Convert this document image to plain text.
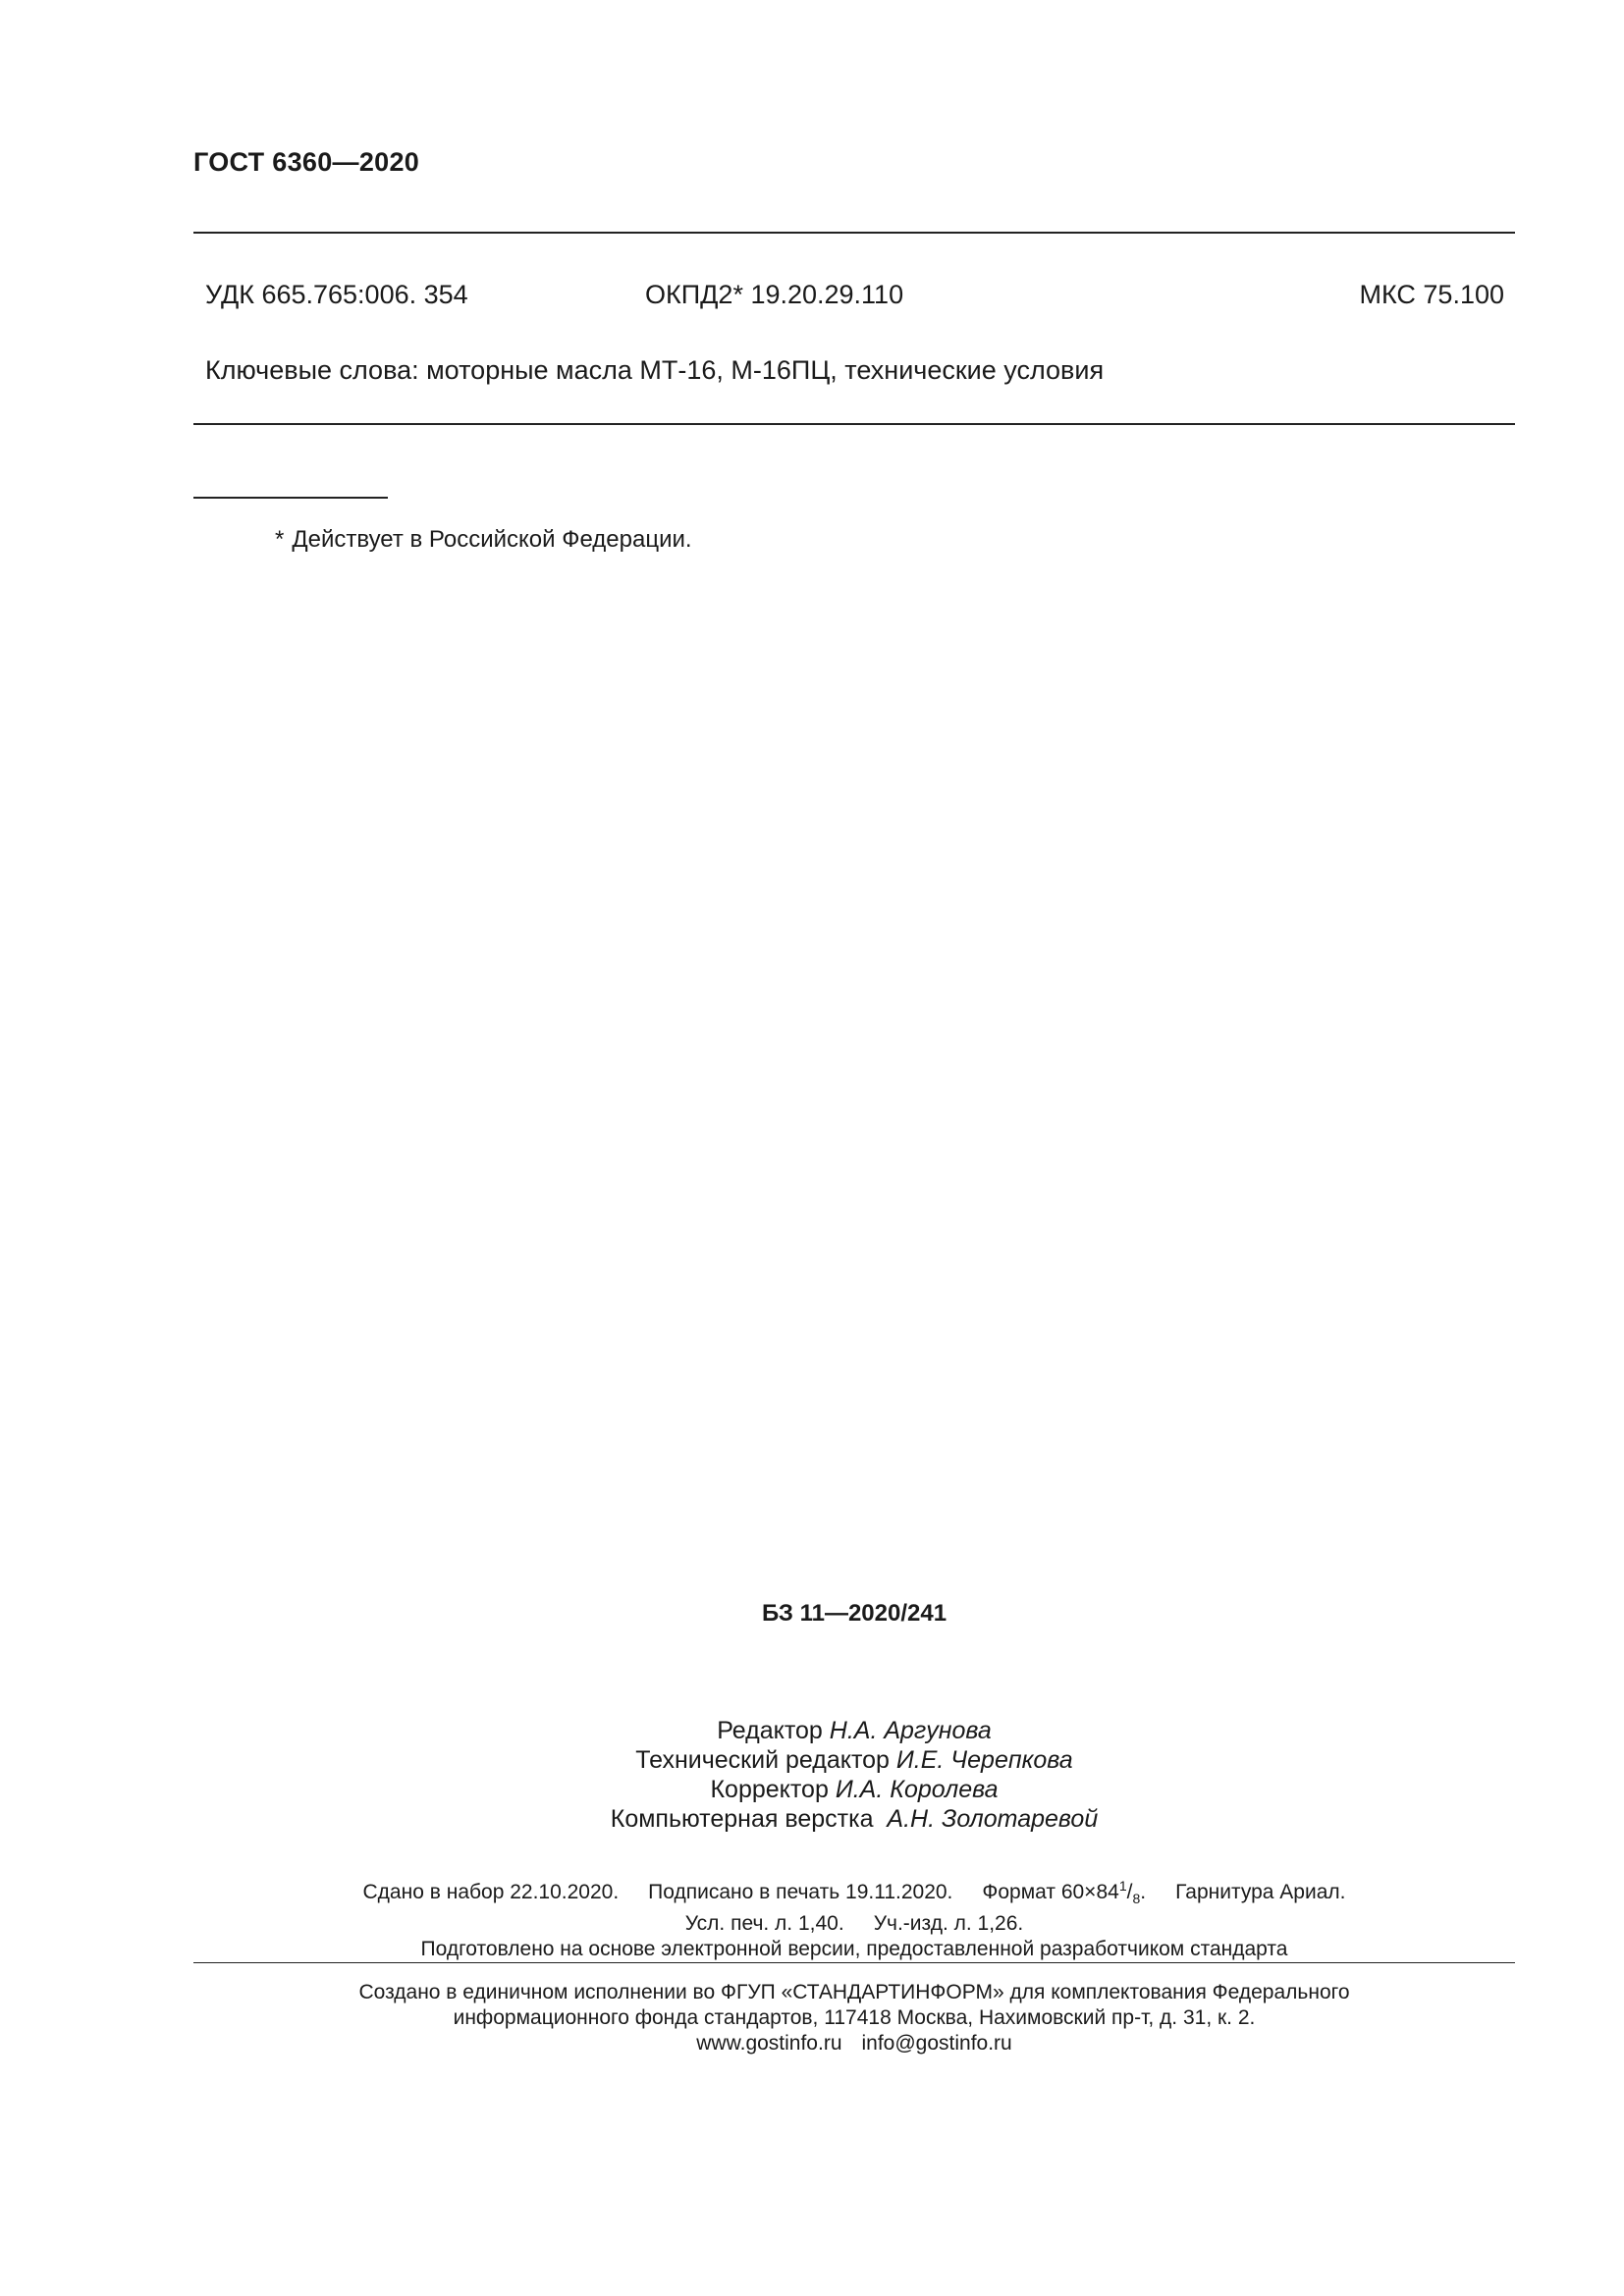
ГОСТ 6360—2020
УДК 665.765:006. 354	ОКПД2* 19.20.29.110	МКС 75.100
Ключевые слова: моторные масла МТ-16, М-16ПЦ, технические условия
* Действует в Российской Федерации.
БЗ 11—2020/241
Редактор Н.А. Аргунова
Технический редактор И.Е. Черепкова
Корректор И.А. Королева
Компьютерная верстка А.Н. Золотаревой
Сдано в набор 22.10.2020. Подписано в печать 19.11.2020. Формат $60\times 84^1/_8$. Гарнитура Ариал.
Усл. печ. л. 1,40. Уч.-изд. л. 1,26.
Подготовлено на основе электронной версии, предоставленной разработчиком стандарта
Создано в единичном исполнении во ФГУП «СТАНДАРТИНФОРМ» для комплектования Федерального
информационного фонда стандартов, 117418 Москва, Нахимовский пр-т, д. 31, к. 2.
www.gostinfo.ru info@gostinfo.ru
